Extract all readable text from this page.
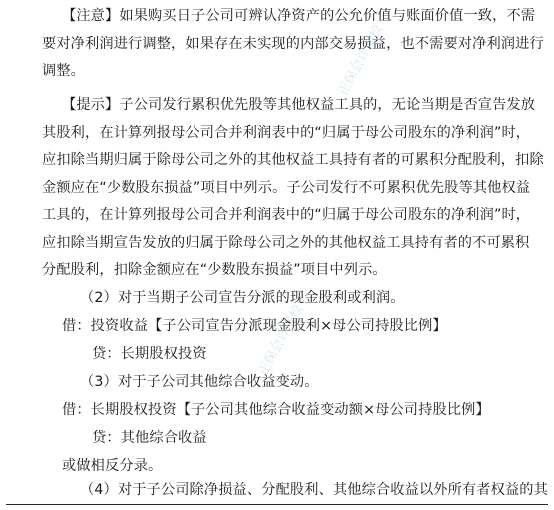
【注意】如果购买日子公司可辨认净资产的公允价值与账面价值一致，不需
要对净利润进行调整，如果存在未实现的内部交易损益，也不需要对净利润进行
调整。
【提示】子公司发行累积优先股等其他权益工具的，无论当期是否宣告发放
其股利，在计算列报母公司合并利润表中的“归属于母公司股东的净利润”时，
应扣除当期归属于除母公司之外的其他权益工具持有者的可累积分配股利，扣除
金额应在“少数股东损益”项目中列示。子公司发行不可累积优先股等其他权益
工具的，在计算列报母公司合并利润表中的“归属于母公司股东的净利润”时，
应扣除当期宣告发放的归属于除母公司之外的其他权益工具持有者的不可累积
分配股利，扣除金额应在“少数股东损益”项目中列示。
（2）对于当期子公司宣告分派的现金股利或利润。
借：投资收益【子公司宣告分派现金股利×母公司持股比例】
贷：长期股权投资
（3）对于子公司其他综合收益变动。
借：长期股权投资【子公司其他综合收益变动额×母公司持股比例】
贷：其他综合收益
或做相反分录。
（4）对于子公司除净损益、分配股利、其他综合收益以外所有者权益的其
正保会计网校
正保会计网校
